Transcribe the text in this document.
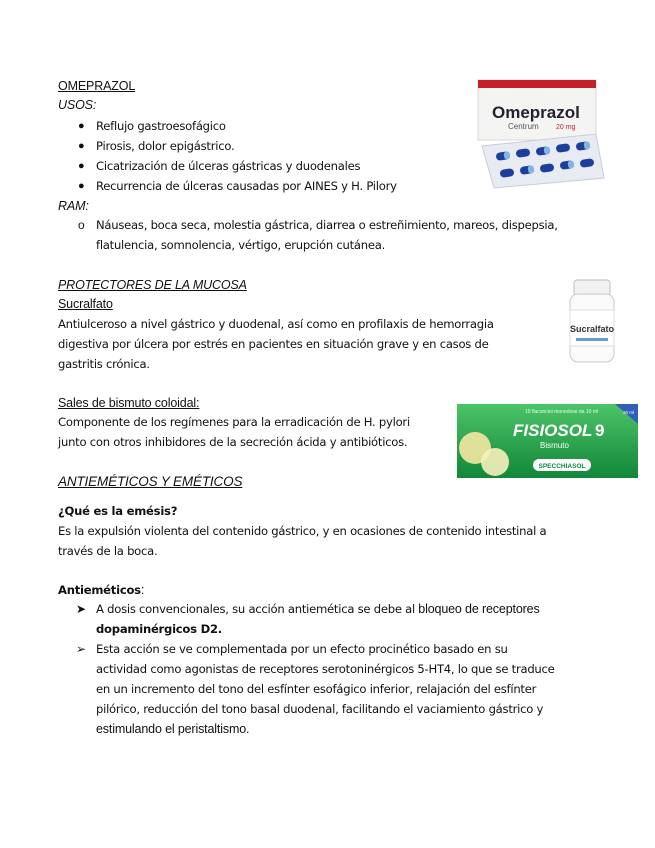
OMEPRAZOL
USOS:
● Reflujo gastroesofágico
● Pirosis, dolor epigástrico.
● Cicatrización de úlceras gástricas y duodenales
● Recurrencia de úlceras causadas por AINES y H. Pilory
RAM:
o Náuseas, boca seca, molestia gástrica, diarrea o estreñimiento, mareos, dispepsia,
flatulencia, somnolencia, vértigo, erupción cutánea.
Omeprazol
Centrum 20 mg
PROTECTORES DE LA MUCOSA
Sucralfato
Antiulceroso a nivel gástrico y duodenal, así como en profilaxis de hemorragia
digestiva por úlcera por estrés en pacientes en situación grave y en casos de
gastritis crónica.
Sucralfato
Sales de bismuto coloidal:
Componente de los regímenes para la erradicación de H. pylori
junto con otros inhibidores de la secreción ácida y antibióticos.
10 flaconcini monodose da 10 ml
FISIOSOL 9
Bismuto
SPECCHIASOL
20 ml
ANTIEMÉTICOS Y EMÉTICOS
¿Qué es la emésis?
Es la expulsión violenta del contenido gástrico, y en ocasiones de contenido intestinal a
través de la boca.
Antieméticos:
➤ A dosis convencionales, su acción antiemética se debe al bloqueo de receptores
dopaminérgicos D2.
➢ Esta acción se ve complementada por un efecto procinético basado en su
actividad como agonistas de receptores serotoninérgicos 5-HT4, lo que se traduce
en un incremento del tono del esfínter esofágico inferior, relajación del esfínter
pilórico, reducción del tono basal duodenal, facilitando el vaciamiento gástrico y
estimulando el peristaltismo.
